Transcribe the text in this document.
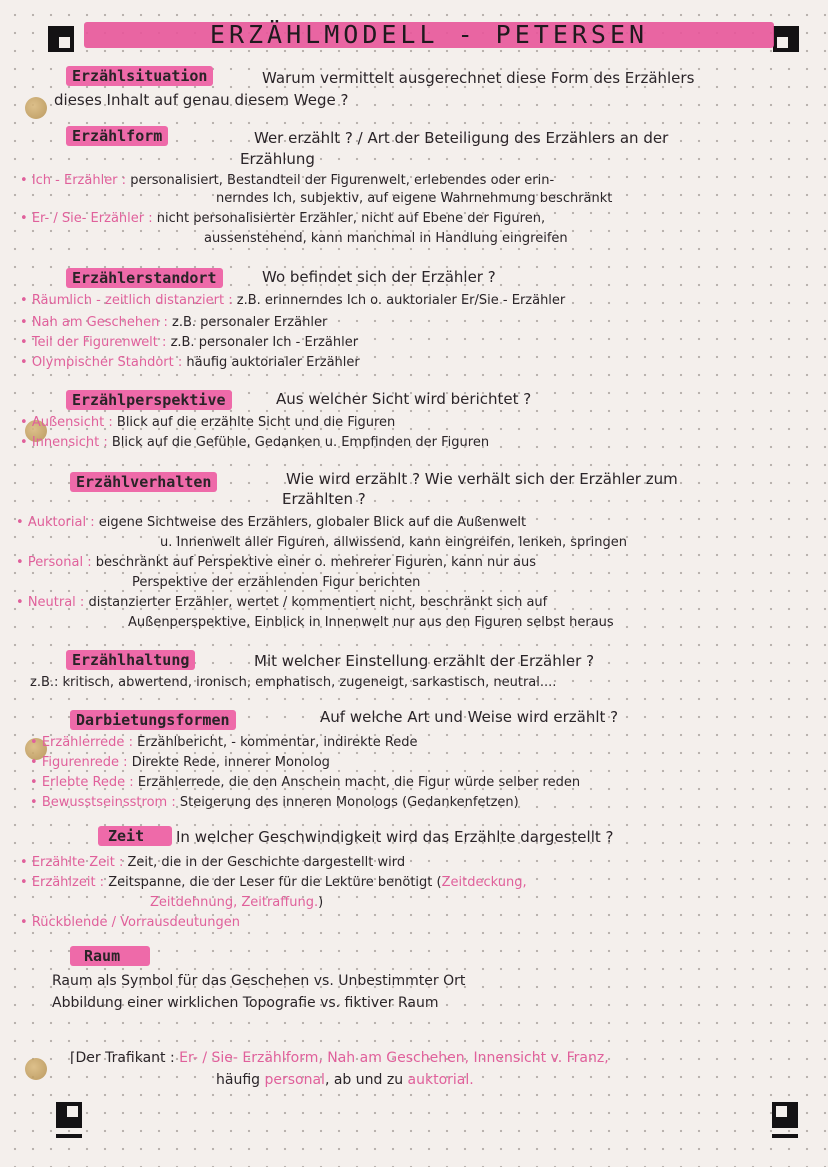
ERZÄHLMODELL - PETERSEN
Erzählsituation	Warum vermittelt ausgerechnet diese Form des Erzählers
dieses Inhalt auf genau diesem Wege ?
Erzählform	Wer erzählt ? / Art der Beteiligung des Erzählers an der
Erzählung
• Ich - Erzähler : personalisiert, Bestandteil der Figurenwelt, erlebendes oder erin-
nerndes Ich, subjektiv, auf eigene Wahrnehmung beschränkt
• Er- / Sie- Erzähler : nicht personalisierter Erzähler, nicht auf Ebene der Figuren,
aussenstehend, kann manchmal in Handlung eingreifen
Erzählerstandort	Wo befindet sich der Erzähler ?
• Räumlich - zeitlich distanziert : z.B. erinnerndes Ich o. auktorialer Er/Sie - Erzähler
• Nah am Geschehen : z.B. personaler Erzähler
• Teil der Figurenwelt : z.B. personaler Ich - Erzähler
• Olympischer Standort : häufig auktorialer Erzähler
Erzählperspektive	Aus welcher Sicht wird berichtet ?
• Außensicht : Blick auf die erzählte Sicht und die Figuren
• Innensicht : Blick auf die Gefühle, Gedanken u. Empfinden der Figuren
Erzählverhalten	Wie wird erzählt ? Wie verhält sich der Erzähler zum
Erzählten ?
• Auktorial : eigene Sichtweise des Erzählers, globaler Blick auf die Außenwelt
u. Innenwelt aller Figuren, allwissend, kann eingreifen, lenken, springen
• Personal : beschränkt auf Perspektive einer o. mehrerer Figuren, kann nur aus
Perspektive der erzählenden Figur berichten
• Neutral : distanzierter Erzähler, wertet / kommentiert nicht, beschränkt sich auf
Außenperspektive, Einblick in Innenwelt nur aus den Figuren selbst heraus
Erzählhaltung	Mit welcher Einstellung erzählt der Erzähler ?
z.B.: kritisch, abwertend, ironisch, emphatisch, zugeneigt, sarkastisch, neutral....
Darbietungsformen	Auf welche Art und Weise wird erzählt ?
• Erzählerrede : Erzählbericht, - kommentar, indirekte Rede
• Figurenrede : Direkte Rede, innerer Monolog
• Erlebte Rede : Erzählerrede, die den Anschein macht, die Figur würde selber reden
• Bewusstseinsstrom : Steigerung des inneren Monologs (Gedankenfetzen)
Zeit	In welcher Geschwindigkeit wird das Erzählte dargestellt ?
• Erzählte Zeit : Zeit, die in der Geschichte dargestellt wird
• Erzählzeit : Zeitspanne, die der Leser für die Lektüre benötigt (Zeitdeckung,
Zeitdehnung, Zeitraffung.)
• Rückblende / Vorrausdeutungen
Raum
Raum als Symbol für das Geschehen vs. Unbestimmter Ort
Abbildung einer wirklichen Topografie vs. fiktiver Raum
⌈Der Trafikant : Er- / Sie- Erzählform, Nah am Geschehen, Innensicht v. Franz,
häufig personal, ab und zu auktorial.
